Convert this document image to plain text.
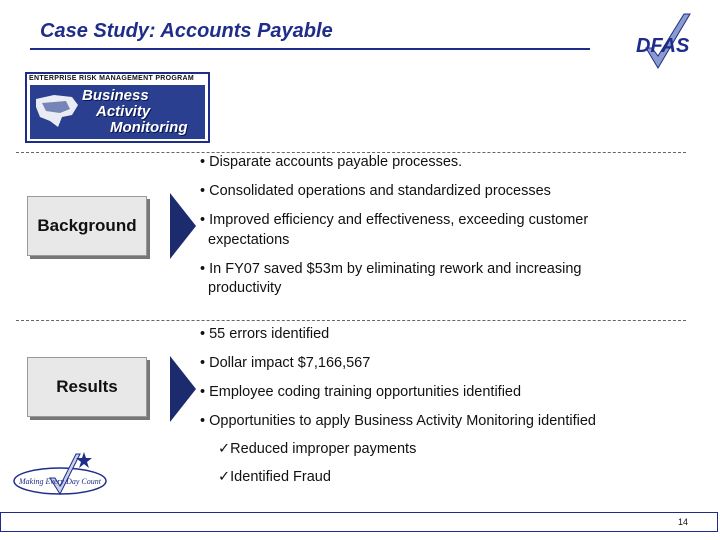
Case Study: Accounts Payable
DFAS
ENTERPRISE RISK MANAGEMENT PROGRAM
Business
Activity
Monitoring
Background
• Disparate accounts payable processes.
• Consolidated operations and standardized processes
• Improved efficiency and effectiveness, exceeding customer
expectations
• In FY07 saved $53m by eliminating rework and increasing
productivity
Results
• 55 errors identified
• Dollar impact $7,166,567
• Employee coding training opportunities identified
• Opportunities to apply Business Activity Monitoring identified
✓Reduced improper payments
✓Identified Fraud
Making Every Day Count
14
